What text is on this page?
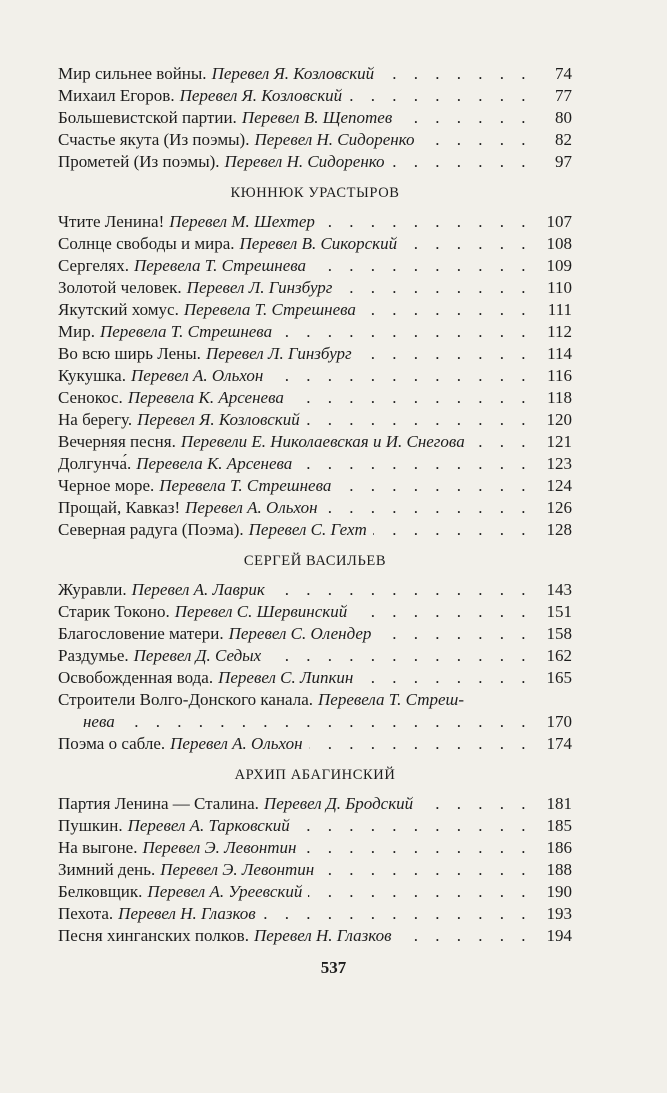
Мир сильнее войны. Перевел Я. Козловский . . .	74
Михаил Егоров. Перевел Я. Козловский . . .	77
Большевистской партии. Перевел В. Щепотев . . .	80
Счастье якута (Из поэмы). Перевел Н. Сидоренко . . .	82
Прометей (Из поэмы). Перевел Н. Сидоренко . . .	97
КЮННЮК УРАСТЫРОВ
Чтите Ленина! Перевел М. Шехтер . . .	107
Солнце свободы и мира. Перевел В. Сикорский . . .	108
Сергелях. Перевела Т. Стрешнева . . .	109
Золотой человек. Перевел Л. Гинзбург . . .	110
Якутский хомус. Перевела Т. Стрешнева . . .	111
Мир. Перевела Т. Стрешнева . . .	112
Во всю ширь Лены. Перевел Л. Гинзбург . . .	114
Кукушка. Перевел А. Ольхон . . .	116
Сенокос. Перевела К. Арсенева . . .	118
На берегу. Перевел Я. Козловский . . .	120
Вечерняя песня. Перевели Е. Николаевская и И. Снегова . . .	121
Долгунча́. Перевела К. Арсенева . . .	123
Черное море. Перевела Т. Стрешнева . . .	124
Прощай, Кавказ! Перевел А. Ольхон . . .	126
Северная радуга (Поэма). Перевел С. Гехт . . .	128
СЕРГЕЙ ВАСИЛЬЕВ
Журавли. Перевел А. Лаврик . . .	143
Старик Токоно. Перевел С. Шервинский . . .	151
Благословение матери. Перевел С. Олендер . . .	158
Раздумье. Перевел Д. Седых . . .	162
Освобожденная вода. Перевел С. Липкин . . .	165
Строители Волго-Донского канала. Перевела Т. Стреш-
нева . . .	170
Поэма о сабле. Перевел А. Ольхон . . .	174
АРХИП АБАГИНСКИЙ
Партия Ленина — Сталина. Перевел Д. Бродский . . .	181
Пушкин. Перевел А. Тарковский . . .	185
На выгоне. Перевел Э. Левонтин . . .	186
Зимний день. Перевел Э. Левонтин . . .	188
Белковщик. Перевел А. Уреевский . . .	190
Пехота. Перевел Н. Глазков . . .	193
Песня хинганских полков. Перевел Н. Глазков . . .	194
537
